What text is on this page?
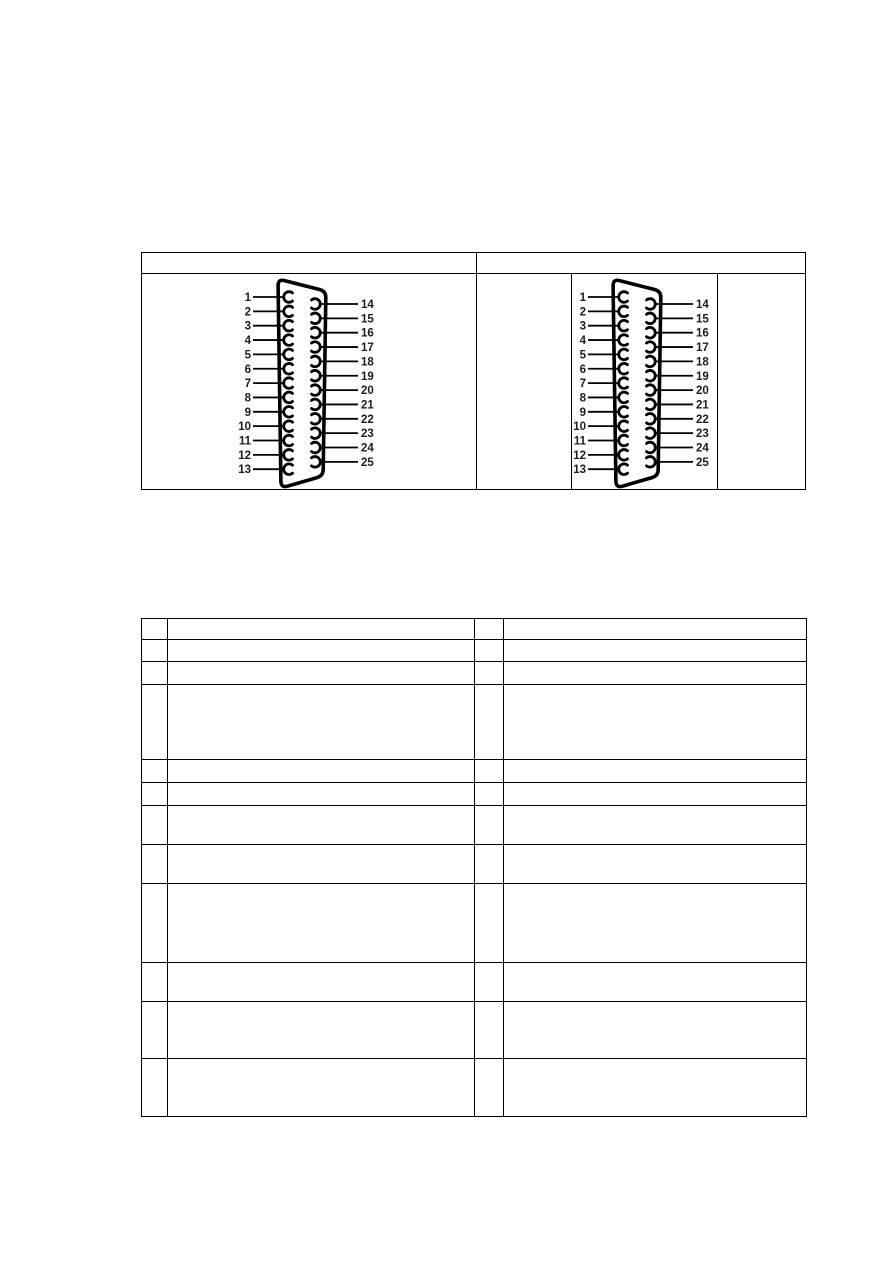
1
2
3
4
5
6
7
8
9
10
11
12
13
14
15
16
17
18
19
20
21
22
23
24
25
1
2
3
4
5
6
7
8
9
10
11
12
13
14
15
16
17
18
19
20
21
22
23
24
25
